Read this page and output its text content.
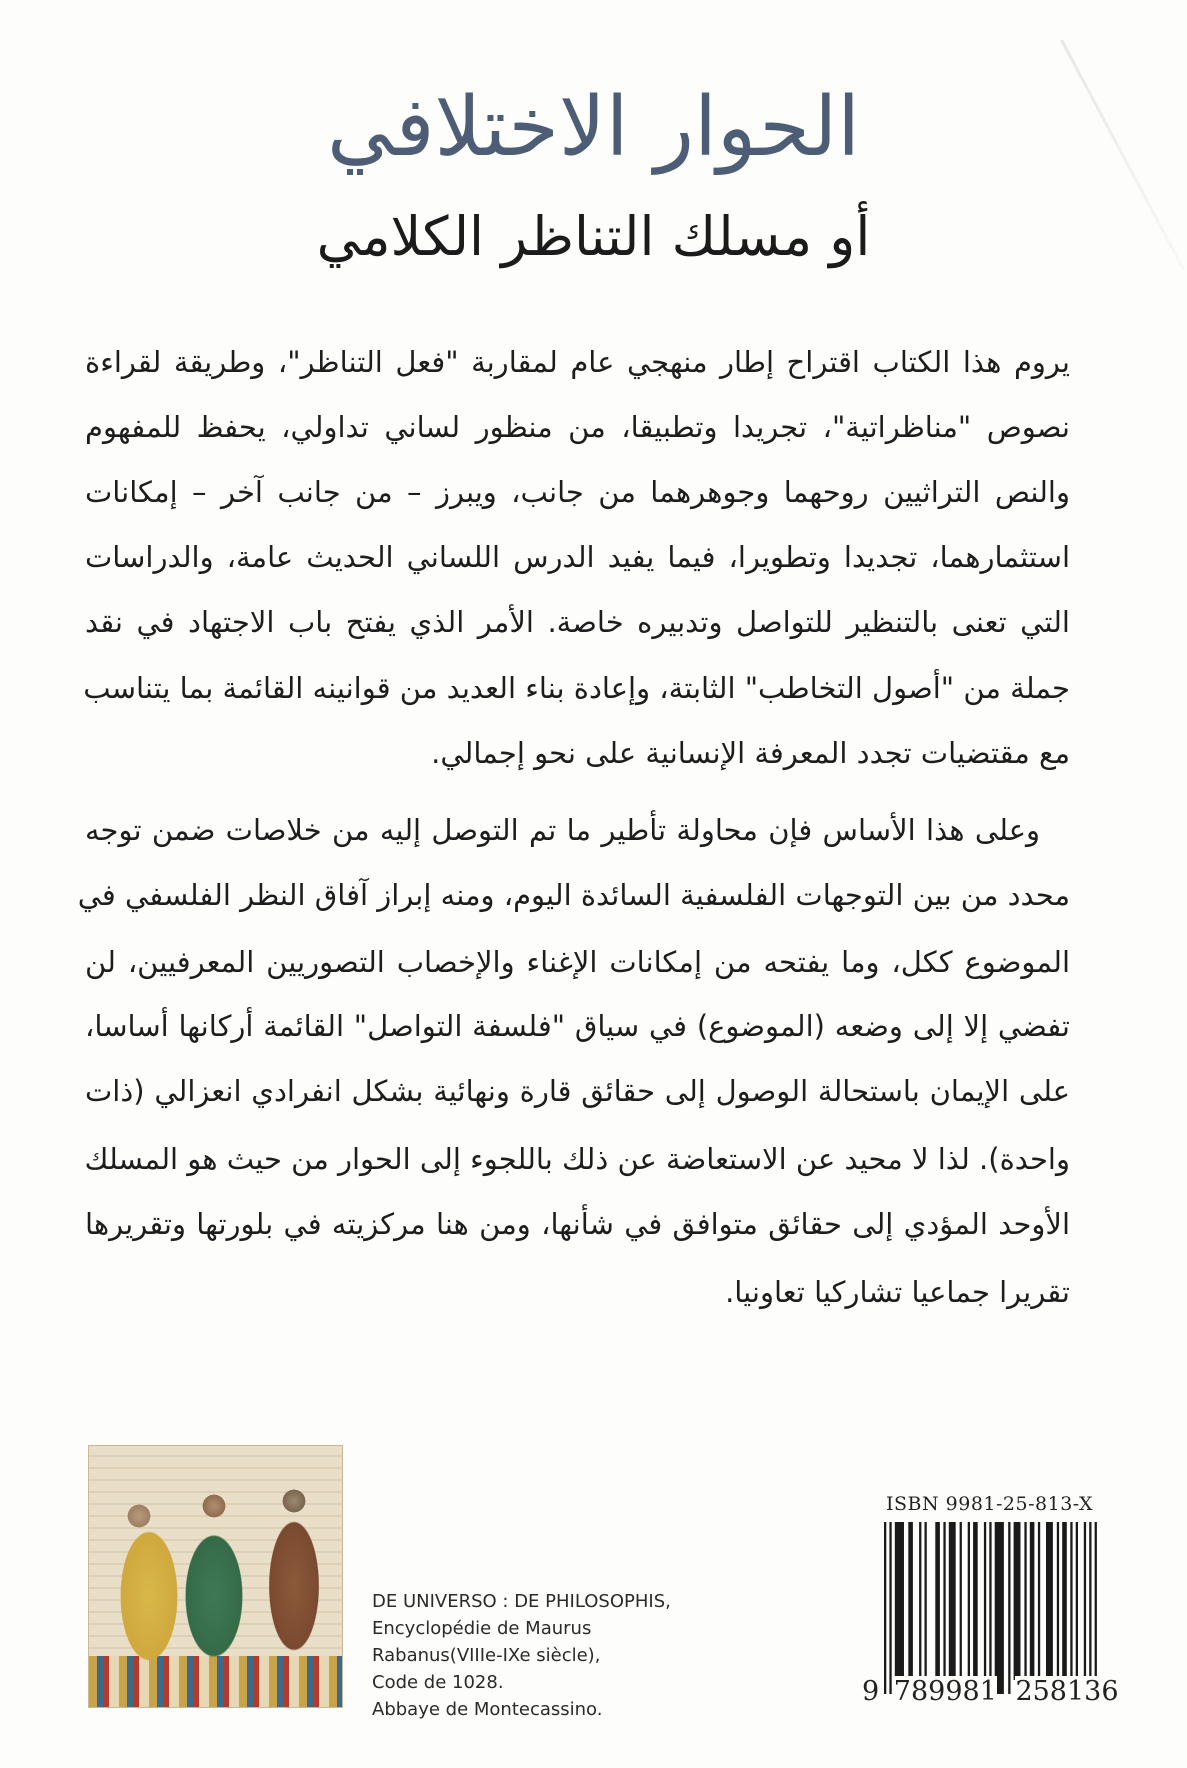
الحوار الاختلافي
أو مسلك التناظر الكلامي
يروم هذا الكتاب اقتراح إطار منهجي عام لمقاربة "فعل التناظر"، وطريقة لقراءة
نصوص "مناظراتية"، تجريدا وتطبيقا، من منظور لساني تداولي، يحفظ للمفهوم
والنص التراثيين روحهما وجوهرهما من جانب، ويبرز – من جانب آخر – إمكانات
استثمارهما، تجديدا وتطويرا، فيما يفيد الدرس اللساني الحديث عامة، والدراسات
التي تعنى بالتنظير للتواصل وتدبيره خاصة. الأمر الذي يفتح باب الاجتهاد في نقد
جملة من "أصول التخاطب" الثابتة، وإعادة بناء العديد من قوانينه القائمة بما يتناسب
مع مقتضيات تجدد المعرفة الإنسانية على نحو إجمالي.
وعلى هذا الأساس فإن محاولة تأطير ما تم التوصل إليه من خلاصات ضمن توجه
محدد من بين التوجهات الفلسفية السائدة اليوم، ومنه إبراز آفاق النظر الفلسفي في
الموضوع ككل، وما يفتحه من إمكانات الإغناء والإخصاب التصوريين المعرفيين، لن
تفضي إلا إلى وضعه (الموضوع) في سياق "فلسفة التواصل" القائمة أركانها أساسا،
على الإيمان باستحالة الوصول إلى حقائق قارة ونهائية بشكل انفرادي انعزالي (ذات
واحدة). لذا لا محيد عن الاستعاضة عن ذلك باللجوء إلى الحوار من حيث هو المسلك
الأوحد المؤدي إلى حقائق متوافق في شأنها، ومن هنا مركزيته في بلورتها وتقريرها
تقريرا جماعيا تشاركيا تعاونيا.
DE UNIVERSO : DE PHILOSOPHIS,
Encyclopédie de Maurus
Rabanus(VIIIe-IXe siècle),
Code de 1028.
Abbaye de Montecassino.
ISBN 9981-25-813-X
9 789981 258136
